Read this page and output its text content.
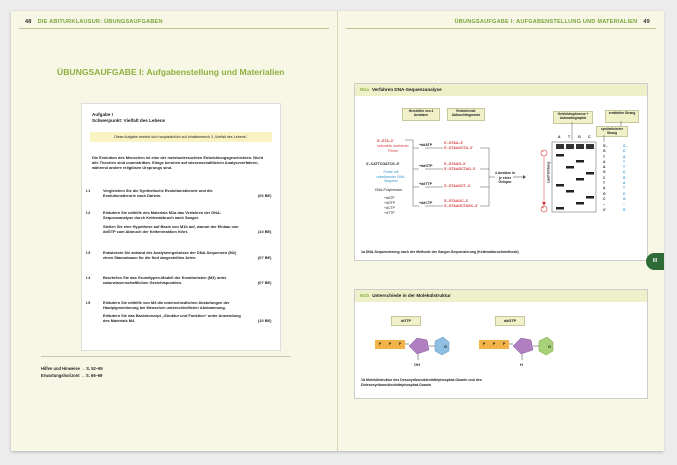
48 DIE ABITURKLAUSUR: ÜBUNGSAUFGABEN
ÜBUNGSAUFGABE I: Aufgabenstellung und Materialien
Aufgabe I
Schwerpunkt: Vielfalt des Lebens
Diese Aufgabe bezieht sich hauptsächlich auf Inhaltsbereich 3 „Vielfalt des Lebens“.
Die Evolution des Menschen ist eine der meistuntersuchten Entwicklungsgeschichten. Nicht alle Theorien sind unumstritten. Einige beruhen auf wissenschaftlichen Analyseverfahren, während andere religiösen Ursprungs sind.
I.1	Vergleichen Sie die Synthetische Evolutionstheorie und die Evolutionstheorie nach Darwin.	(06 BE)
I.2	Erläutern Sie mithilfe des Materials M1a das Verfahren der DNA-Sequenzanalyse durch Kettenabbruch nach Sanger.
Stellen Sie eine Hypothese auf Basis von M1b auf, warum der Einbau von ddGTP zum Abbruch der Kettenreaktion führt.	(10 BE)
I.3	Entwickeln Sie anhand der Analyseergebnisse der DNA-Sequenzen (M2) einen Stammbaum für die fünf dargestellten Arten.	(07 BE)
I.4	Beurteilen Sie das Grundtypen-Modell der Kreationisten (M3) unter naturwissenschaftlichen Gesichtspunkten.	(07 BE)
I.5	Erläutern Sie mithilfe von M4 die unterschiedlichen Abstufungen der Hautpigmentierung bei Menschen unterschiedlicher Abstammung.
Erläutern Sie das Basiskonzept „Struktur und Funktion“ unter Anwendung des Materials M4.	(10 BE)
Hilfen und Hinweise → S. 52–65
Erwartungshorizont → S. 66–69
ÜBUNGSAUFGABE I: AUFGABENSTELLUNG UND MATERIALIEN 49
M1a Verfahren DNA-Sequenzanalyse
Herstellen von 4 Ansätzen
Entstehende Abbruchfragmente	Gelelektrophorese + Autoradiographie
ermittelter Strang
synthetisierter Strang
5'–GTA–3'
radioaktiv markierter Primer
3'–CATTCGATCG–5'
Probe mit unbekannter DNA-Sequenz
DNA-Polymerase
+dATP
+dGTP
+dCTP
+dTTP
+ddATP
+ddGTP
+ddTTP
+ddCTP
5'–GTAA–3'
5'–GTAAGCTA–3'
5'–GTAAG–3'
5'–GTAAGCTAG–3'
5'–GTAAGCT–3'
5'–GTAAGC–3'
5'–GTAAGCTAGC–3'
4 Ansätze in je einer Gelspur	Laufrichtung
−
+
A T G C
5'–G T A A G C T A G C–3'
3'–C A T T C G A T C G–5'
1a DNA-Sequenzierung nach der Methode der Sanger-Sequenzierung (Kettenabbruchmethode)
M1b Unterschiede in der Molekülstruktur
dGTP	ddGTP
P P P	G
OH
P P P	G
H
1b Molekülstruktur des Desoxyribonukleotidtriphosphat-Guanin und des Didesoxyribonukleotidtriphosphat-Guanin
III
